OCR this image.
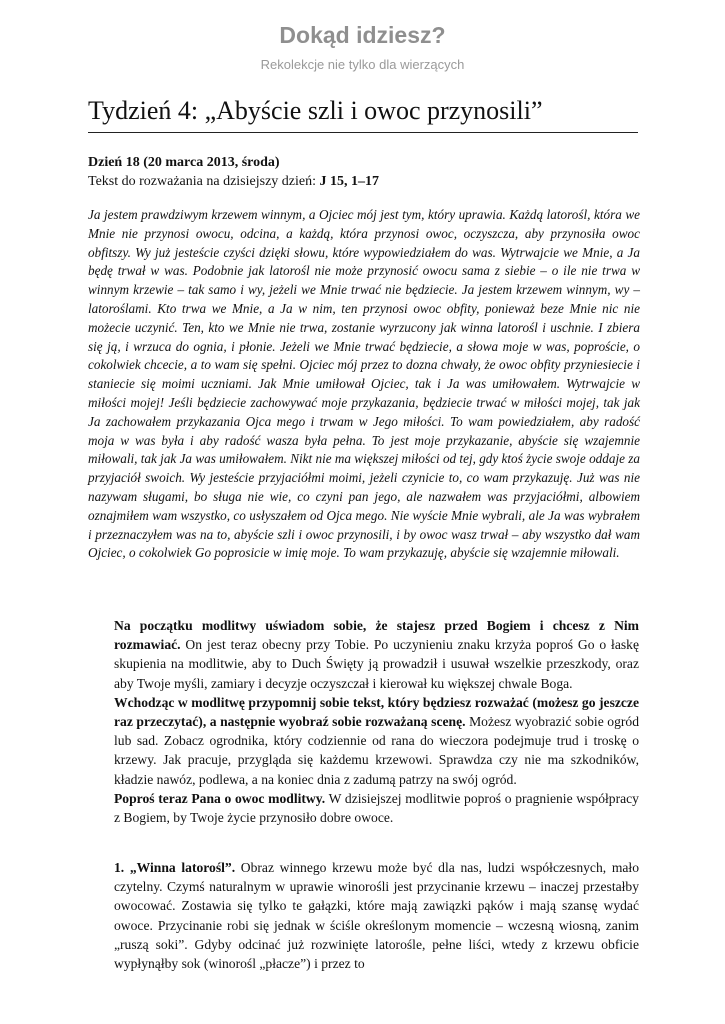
Dokąd idziesz?
Rekolekcje nie tylko dla wierzących
Tydzień 4: „Abyście szli i owoc przynosili”
Dzień 18 (20 marca 2013, środa)
Tekst do rozważania na dzisiejszy dzień: J 15, 1–17
Ja jestem prawdziwym krzewem winnym, a Ojciec mój jest tym, który uprawia. Każdą latorośl, która we Mnie nie przynosi owocu, odcina, a każdą, która przynosi owoc, oczyszcza, aby przynosiła owoc obfitszy. Wy już jesteście czyści dzięki słowu, które wypowiedziałem do was. Wytrwajcie we Mnie, a Ja będę trwał w was. Podobnie jak latorośl nie może przynosić owocu sama z siebie – o ile nie trwa w winnym krzewie – tak samo i wy, jeżeli we Mnie trwać nie będziecie. Ja jestem krzewem winnym, wy – latoroślami. Kto trwa we Mnie, a Ja w nim, ten przynosi owoc obfity, ponieważ beze Mnie nic nie możecie uczynić. Ten, kto we Mnie nie trwa, zostanie wyrzucony jak winna latorośl i uschnie. I zbiera się ją, i wrzuca do ognia, i płonie. Jeżeli we Mnie trwać będziecie, a słowa moje w was, poproście, o cokolwiek chcecie, a to wam się spełni. Ojciec mój przez to dozna chwały, że owoc obfity przyniesiecie i staniecie się moimi uczniami. Jak Mnie umiłował Ojciec, tak i Ja was umiłowałem. Wytrwajcie w miłości mojej! Jeśli będziecie zachowywać moje przykazania, będziecie trwać w miłości mojej, tak jak Ja zachowałem przykazania Ojca mego i trwam w Jego miłości. To wam powiedziałem, aby radość moja w was była i aby radość wasza była pełna. To jest moje przykazanie, abyście się wzajemnie miłowali, tak jak Ja was umiłowałem. Nikt nie ma większej miłości od tej, gdy ktoś życie swoje oddaje za przyjaciół swoich. Wy jesteście przyjaciółmi moimi, jeżeli czynicie to, co wam przykazuję. Już was nie nazywam sługami, bo sługa nie wie, co czyni pan jego, ale nazwałem was przyjaciółmi, albowiem oznajmiłem wam wszystko, co usłyszałem od Ojca mego. Nie wyście Mnie wybrali, ale Ja was wybrałem i przeznaczyłem was na to, abyście szli i owoc przynosili, i by owoc wasz trwał – aby wszystko dał wam Ojciec, o cokolwiek Go poprosicie w imię moje. To wam przykazuję, abyście się wzajemnie miłowali.

Na początku modlitwy uświadom sobie, że stajesz przed Bogiem i chcesz z Nim rozmawiać. On jest teraz obecny przy Tobie. Po uczynieniu znaku krzyża poproś Go o łaskę skupienia na modlitwie, aby to Duch Święty ją prowadził i usuwał wszelkie przeszkody, oraz aby Twoje myśli, zamiary i decyzje oczyszczał i kierował ku większej chwale Boga.

Wchodząc w modlitwę przypomnij sobie tekst, który będziesz rozważać (możesz go jeszcze raz przeczytać), a następnie wyobraź sobie rozważaną scenę. Możesz wyobrazić sobie ogród lub sad. Zobacz ogrodnika, który codziennie od rana do wieczora podejmuje trud i troskę o krzewy. Jak pracuje, przygląda się każdemu krzewowi. Sprawdza czy nie ma szkodników, kładzie nawóz, podlewa, a na koniec dnia z zadumą patrzy na swój ogród.

Poproś teraz Pana o owoc modlitwy. W dzisiejszej modlitwie poproś o pragnienie współpracy z Bogiem, by Twoje życie przynosiło dobre owoce.

1. „Winna latorośl”. Obraz winnego krzewu może być dla nas, ludzi współczesnych, mało czytelny. Czymś naturalnym w uprawie winorośli jest przycinanie krzewu – inaczej przestałby owocować. Zostawia się tylko te gałązki, które mają zawiązki pąków i mają szansę wydać owoce. Przycinanie robi się jednak w ściśle określonym momencie – wczesną wiosną, zanim „ruszą soki”. Gdyby odcinać już rozwinięte latorośle, pełne liści, wtedy z krzewu obficie wypłynąłby sok (winorośl „płacze”) i przez to
